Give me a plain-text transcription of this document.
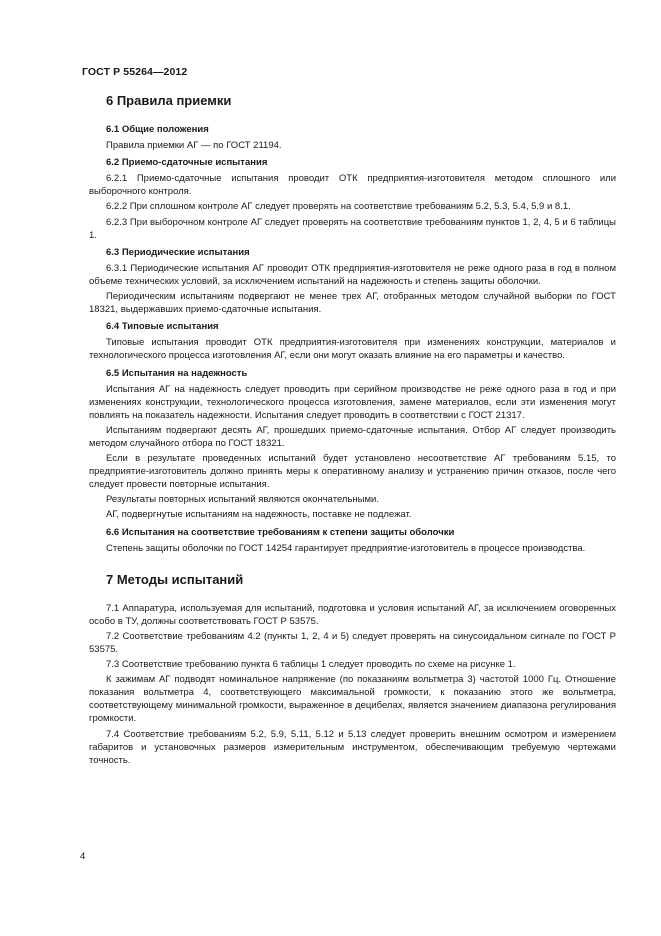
ГОСТ Р 55264—2012
6 Правила приемки
6.1 Общие положения

Правила приемки АГ — по ГОСТ 21194.

6.2 Приемо-сдаточные испытания

6.2.1 Приемо-сдаточные испытания проводит ОТК предприятия-изготовителя методом сплошного или выборочного контроля.

6.2.2 При сплошном контроле АГ следует проверять на соответствие требованиям 5.2, 5.3, 5.4, 5.9 и 8.1.

6.2.3 При выборочном контроле АГ следует проверять на соответствие требованиям пунктов 1, 2, 4, 5 и 6 таблицы 1.

6.3 Периодические испытания

6.3.1 Периодические испытания АГ проводит ОТК предприятия-изготовителя не реже одного раза в год в полном объеме технических условий, за исключением испытаний на надежность и степень защиты оболочки.

Периодическим испытаниям подвергают не менее трех АГ, отобранных методом случайной выборки по ГОСТ 18321, выдержавших приемо-сдаточные испытания.

6.4 Типовые испытания

Типовые испытания проводит ОТК предприятия-изготовителя при изменениях конструкции, материалов и технологического процесса изготовления АГ, если они могут оказать влияние на его параметры и качество.

6.5 Испытания на надежность

Испытания АГ на надежность следует проводить при серийном производстве не реже одного раза в год и при изменениях конструкции, технологического процесса изготовления, замене материалов, если эти изменения могут повлиять на показатель надежности. Испытания следует проводить в соответствии с ГОСТ 21317.

Испытаниям подвергают десять АГ, прошедших приемо-сдаточные испытания. Отбор АГ следует производить методом случайного отбора по ГОСТ 18321.

Если в результате проведенных испытаний будет установлено несоответствие АГ требованиям 5.15, то предприятие-изготовитель должно принять меры к оперативному анализу и устранению причин отказов, после чего следует провести повторные испытания.

Результаты повторных испытаний являются окончательными.

АГ, подвергнутые испытаниям на надежность, поставке не подлежат.

6.6 Испытания на соответствие требованиям к степени защиты оболочки

Степень защиты оболочки по ГОСТ 14254 гарантирует предприятие-изготовитель в процессе производства.

7 Методы испытаний

7.1 Аппаратура, используемая для испытаний, подготовка и условия испытаний АГ, за исключением оговоренных особо в ТУ, должны соответствовать ГОСТ Р 53575.

7.2 Соответствие требованиям 4.2 (пункты 1, 2, 4 и 5) следует проверять на синусоидальном сигнале по ГОСТ Р 53575.

7.3 Соответствие требованию пункта 6 таблицы 1 следует проводить по схеме на рисунке 1.

К зажимам АГ подводят номинальное напряжение (по показаниям вольтметра 3) частотой 1000 Гц. Отношение показания вольтметра 4, соответствующего максимальной громкости, к показанию этого же вольтметра, соответствующему минимальной громкости, выраженное в децибелах, является значением диапазона регулирования громкости.

7.4 Соответствие требованиям 5.2, 5.9, 5.11, 5.12 и 5.13 следует проверить внешним осмотром и измерением габаритов и установочных размеров измерительным инструментом, обеспечивающим требуемую чертежами точность.

4
